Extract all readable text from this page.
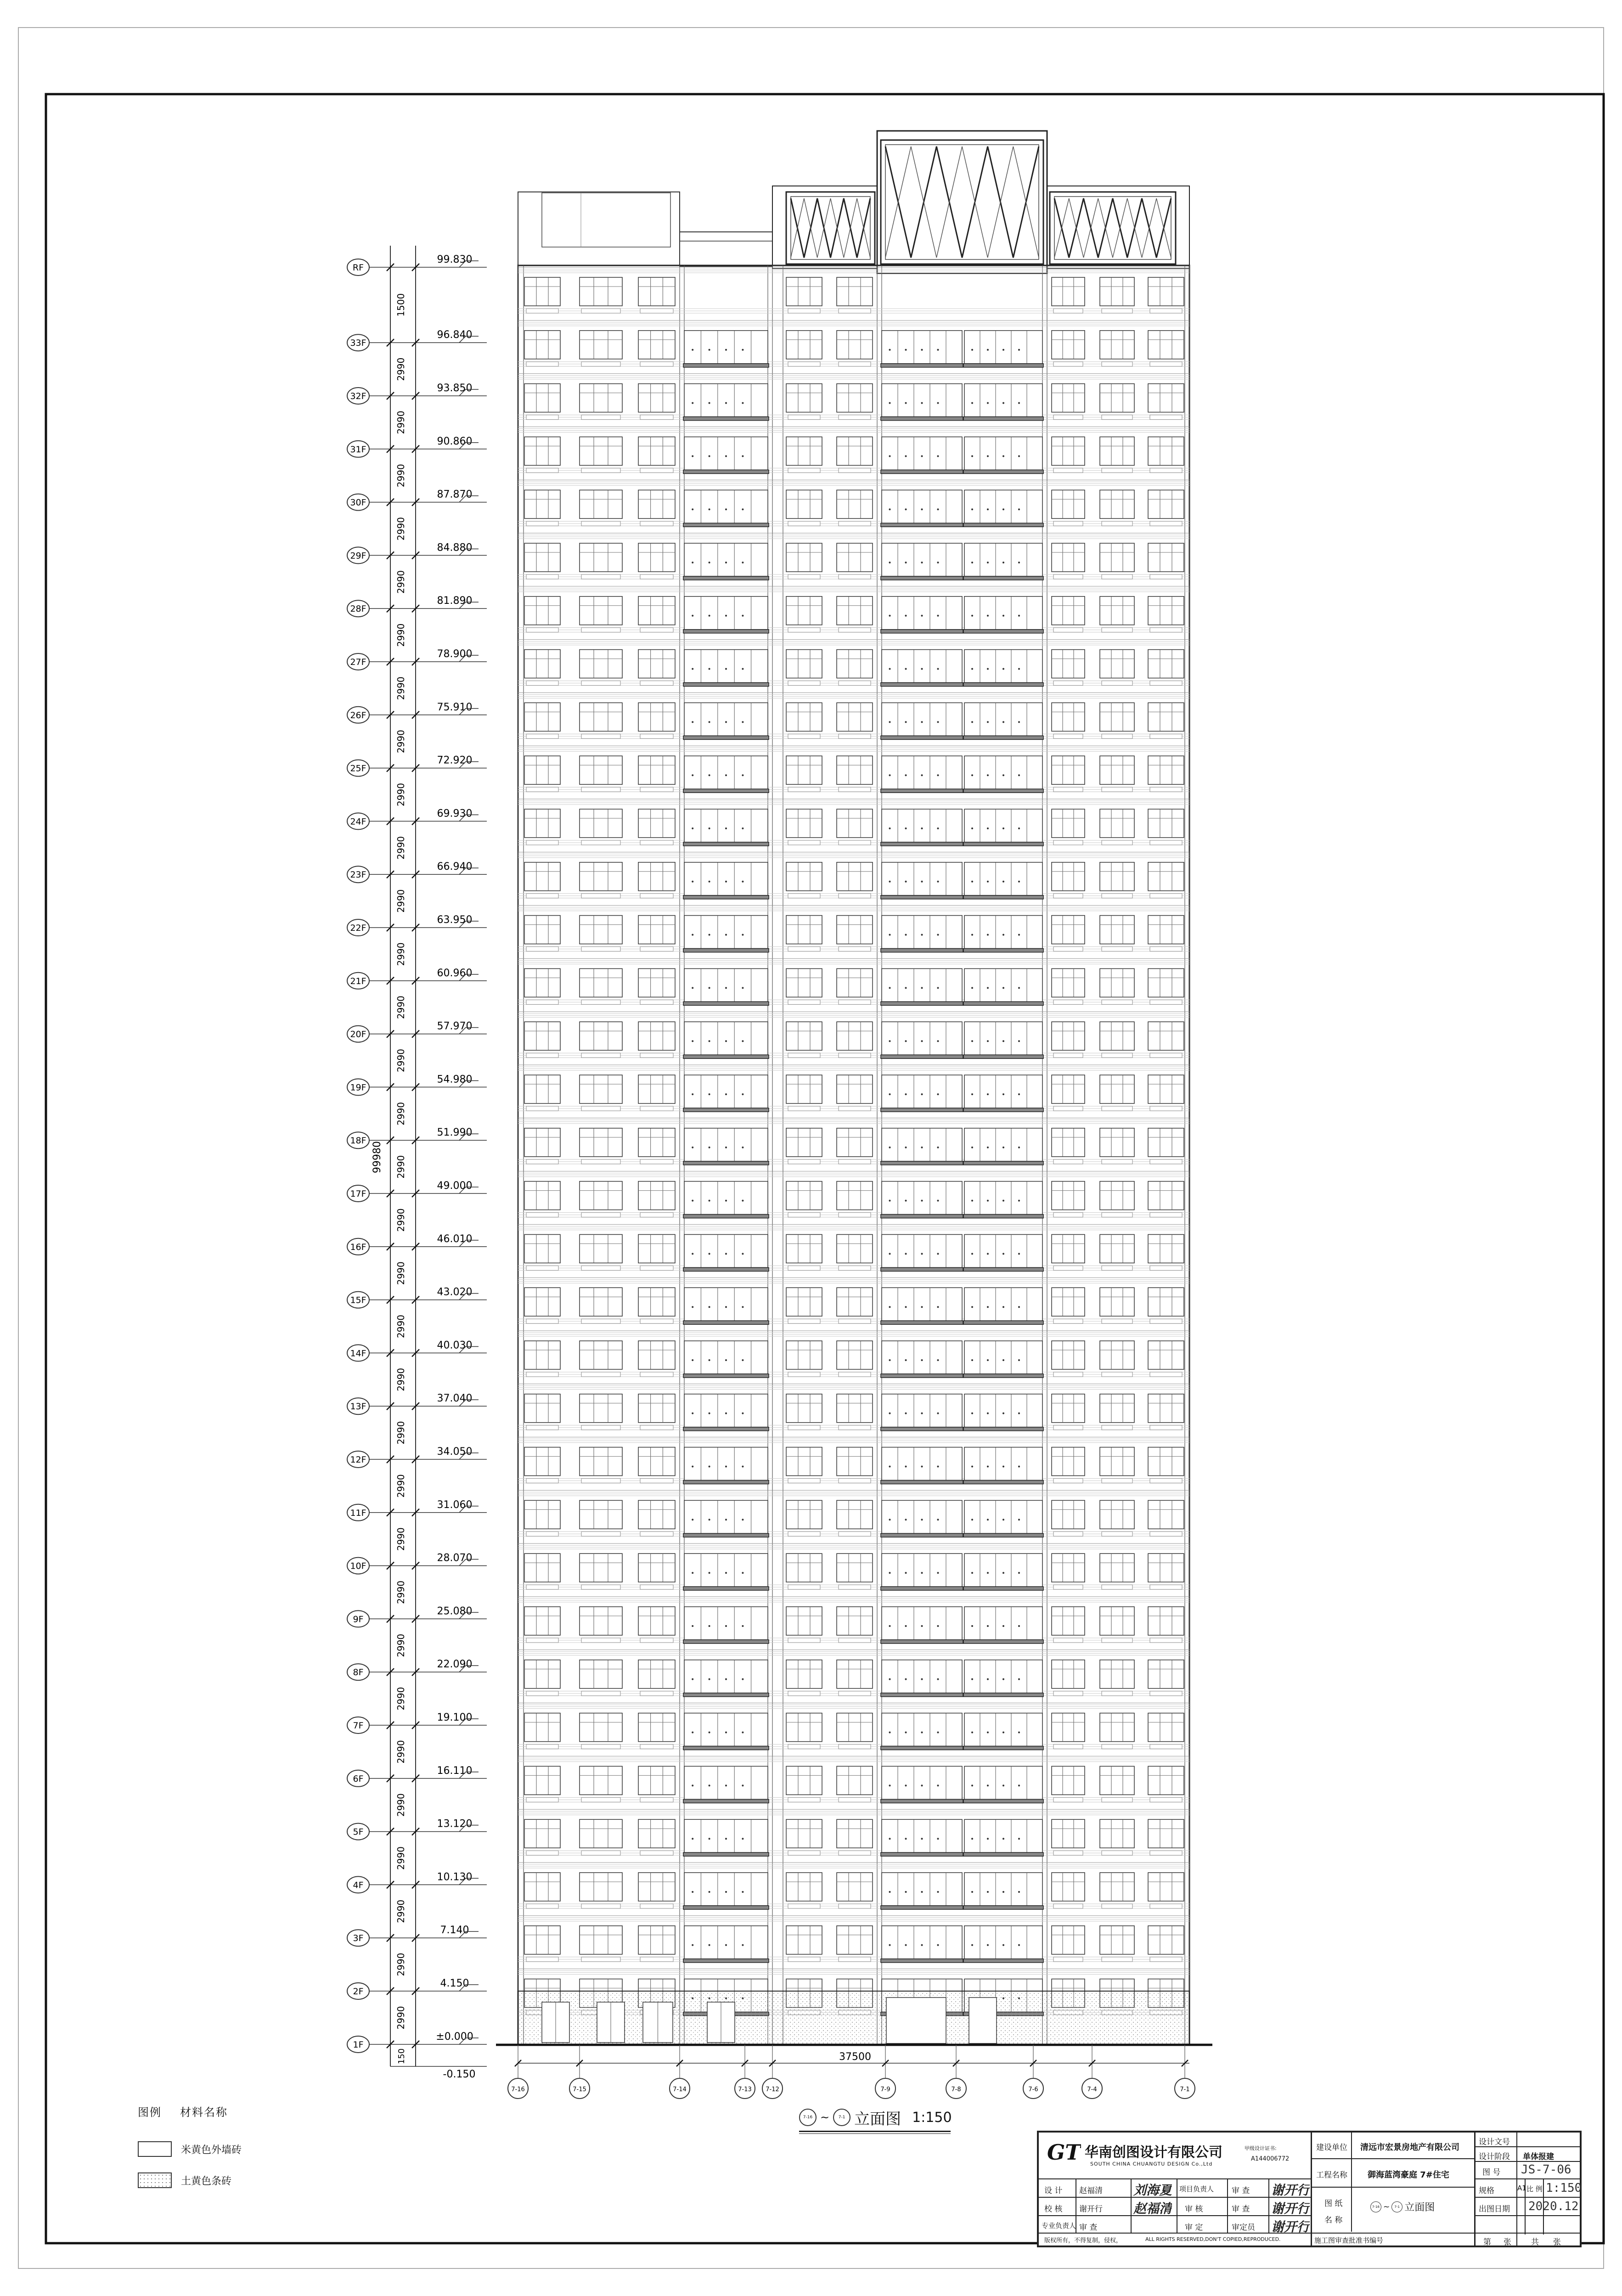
RF
99.830
1500
33F
96.840
2990
32F
93.850
2990
31F
90.860
2990
30F
87.870
2990
29F
84.880
2990
28F
81.890
2990
27F
78.900
2990
26F
75.910
2990
25F
72.920
2990
24F
69.930
2990
23F
66.940
2990
22F
63.950
2990
21F
60.960
2990
20F
57.970
2990
19F
54.980
2990
18F
51.990
2990
17F
49.000
2990
16F
46.010
2990
15F
43.020
2990
14F
40.030
2990
13F
37.040
2990
12F
34.050
2990
11F
31.060
2990
10F
28.070
2990
9F
25.080
2990
8F
22.090
2990
7F
19.100
2990
6F
16.110
2990
5F
13.120
2990
4F
10.130
2990
3F
7.140
2990
2F
4.150
2990
1F
±0.000
150
-0.150
99980
37500
7-16	7-15	7-14	7-13 7-12	7-9	7-8	7-6	7-4	7-1
7-16 ~	7-1 立面图 1:150
图例 材料名称
米黄色外墙砖
土黄色条砖
GT 华南创图设计有限公司
SOUTH CHINA CHUANGTU DESIGN Co.,Ltd
甲级设计证书:
A144006772
设 计 赵福清 刘海夏 项目负责人 审 查 谢开行
校 核 谢开行 赵福清 审 核	审 查 谢开行
专业负责人 审 查	审 定	审定员 谢开行
版权所有，不得复制，侵权，	ALL RIGHTS RESERVED,DON'T COPIED,REPRODUCED.	施工图审查批准书编号
建设单位 清远市宏景房地产有限公司
工程名称 御海蓝湾豪庭 7#住宅
图 纸
名 称
7-16 ~	7-1 立面图
设计文号
设计阶段 单体报建
图 号 JS-7-06
规格	A1 比 例 1:150
出图日期 2020.12
第 张	共 张
